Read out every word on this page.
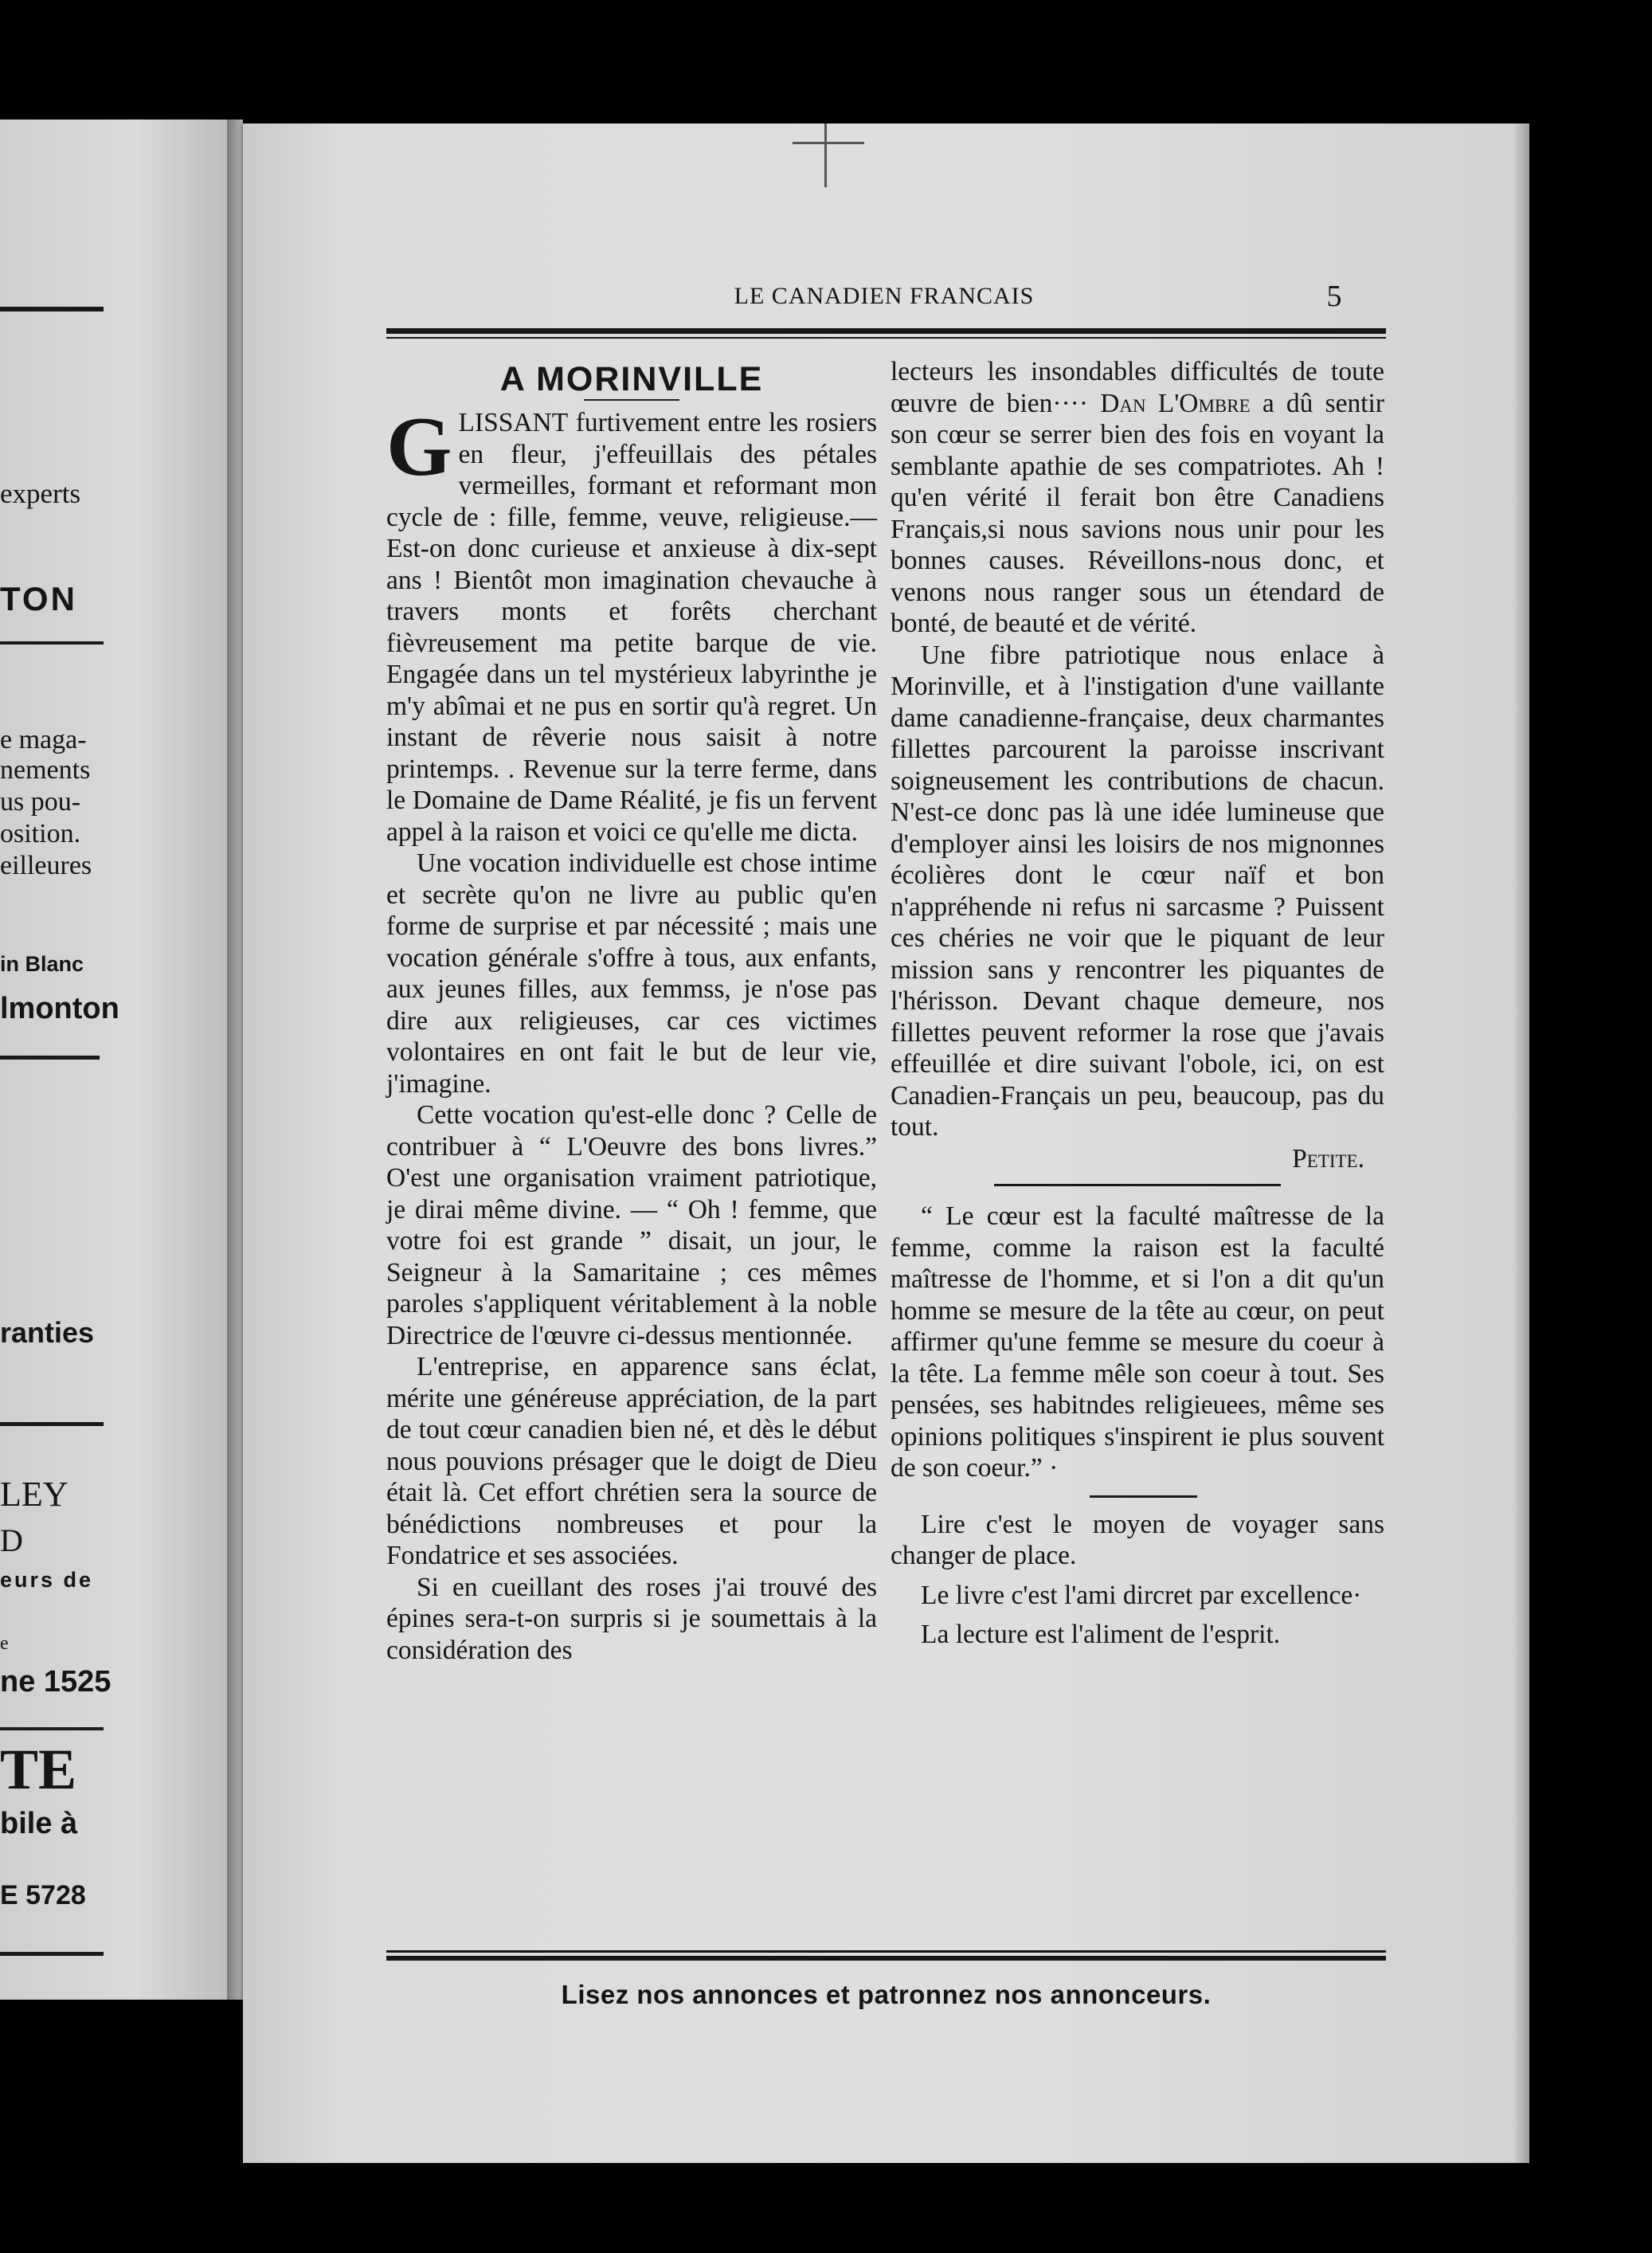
experts
TON
e maga-
nements
us pou-
osition.
eilleures
in Blanc
lmonton
ranties
LEY
D
eurs de
e
ne 1525
TE
bile à
E 5728
LE CANADIEN FRANCAIS	5
A MORINVILLE
G LISSANT furtivement entre les rosiers en fleur, j'effeuillais des pétales vermeilles, formant et reformant mon cycle de : fille, femme, veuve, religieuse.—Est-on donc curieuse et anxieuse à dix-sept ans ! Bientôt mon imagination chevauche à travers monts et forêts cherchant fièvreusement ma petite barque de vie. Engagée dans un tel mystérieux labyrinthe je m'y abîmai et ne pus en sortir qu'à regret. Un instant de rêverie nous saisit à notre printemps. . Revenue sur la terre ferme, dans le Domaine de Dame Réalité, je fis un fervent appel à la raison et voici ce qu'elle me dicta.

Une vocation individuelle est chose intime et secrète qu'on ne livre au public qu'en forme de surprise et par nécessité ; mais une vocation générale s'offre à tous, aux enfants, aux jeunes filles, aux femmss, je n'ose pas dire aux religieuses, car ces victimes volontaires en ont fait le but de leur vie, j'imagine.

Cette vocation qu'est-elle donc ? Celle de contribuer à “ L'Oeuvre des bons livres.” O'est une organisation vraiment patriotique, je dirai même divine. — “ Oh ! femme, que votre foi est grande ” disait, un jour, le Seigneur à la Samaritaine ; ces mêmes paroles s'appliquent véritablement à la noble Directrice de l'œuvre ci-dessus mentionnée.

L'entreprise, en apparence sans éclat, mérite une généreuse appréciation, de la part de tout cœur canadien bien né, et dès le début nous pouvions présager que le doigt de Dieu était là. Cet effort chrétien sera la source de bénédictions nombreuses et pour la Fondatrice et ses associées.

Si en cueillant des roses j'ai trouvé des épines sera-t-on surpris si je soumettais à la considération des

lecteurs les insondables difficultés de toute œuvre de bien···· Dan L'Ombre a dû sentir son cœur se serrer bien des fois en voyant la semblante apathie de ses compatriotes. Ah ! qu'en vérité il ferait bon être Canadiens Français,si nous savions nous unir pour les bonnes causes. Réveillons-nous donc, et venons nous ranger sous un étendard de bonté, de beauté et de vérité.

Une fibre patriotique nous enlace à Morinville, et à l'instigation d'une vaillante dame canadienne-française, deux charmantes fillettes parcourent la paroisse inscrivant soigneusement les contributions de chacun. N'est-ce donc pas là une idée lumineuse que d'employer ainsi les loisirs de nos mignonnes écolières dont le cœur naïf et bon n'appréhende ni refus ni sarcasme ? Puissent ces chéries ne voir que le piquant de leur mission sans y rencontrer les piquantes de l'hérisson. Devant chaque demeure, nos fillettes peuvent reformer la rose que j'avais effeuillée et dire suivant l'obole, ici, on est Canadien-Français un peu, beaucoup, pas du tout.

Petite.

“ Le cœur est la faculté maîtresse de la femme, comme la raison est la faculté maîtresse de l'homme, et si l'on a dit qu'un homme se mesure de la tête au cœur, on peut affirmer qu'une femme se mesure du coeur à la tête. La femme mêle son coeur à tout. Ses pensées, ses habitndes religieuees, même ses opinions politiques s'inspirent ie plus souvent de son coeur.” ·

Lire c'est le moyen de voyager sans changer de place.

Le livre c'est l'ami dircret par excellence·

La lecture est l'aliment de l'esprit.

Lisez nos annonces et patronnez nos annonceurs.
